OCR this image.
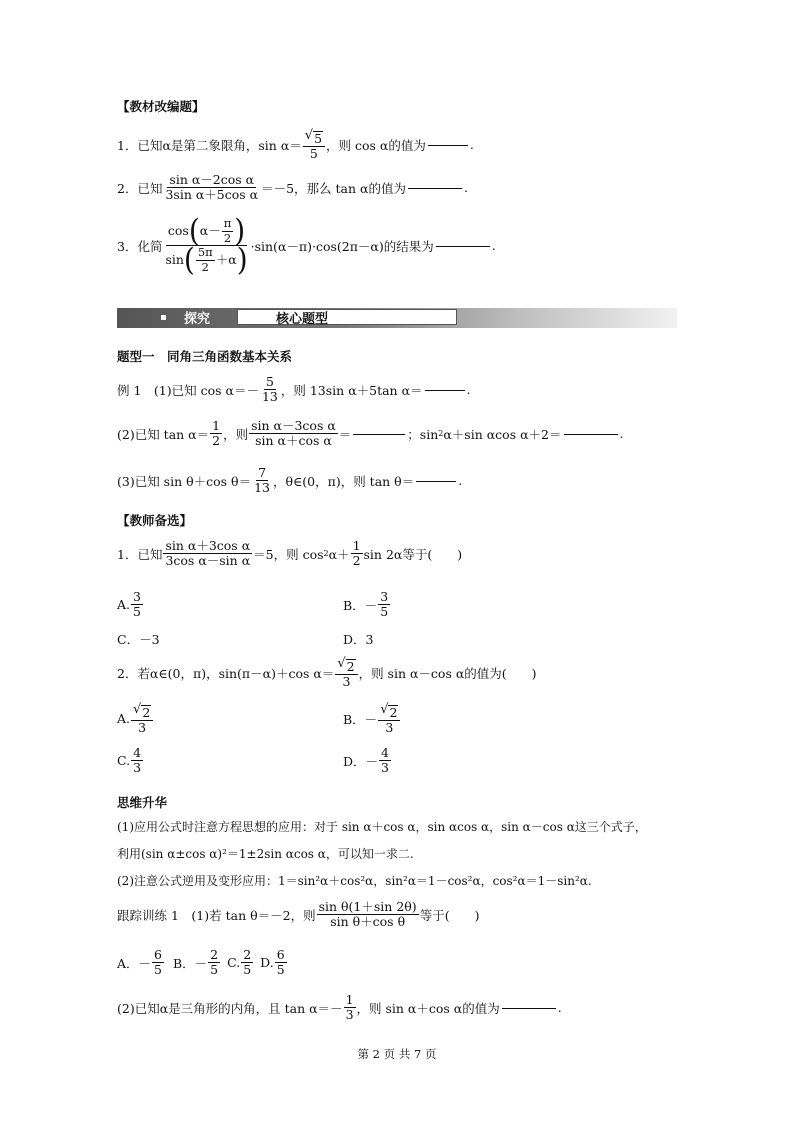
【教材改编题】
1．已知α是第二象限角，$\sin \alpha= \frac{√ 5}{5}$ ，则 cos α的值为	.
2．已知 $\frac{\text{sin α－2cos α}}{\text{3sin α＋5cos α}} =-5$，那么 tan α的值为	.
3．化简 $\frac{\cos ( \alpha- \frac{\pi}{2} )}{\sin ( \frac{5\pi}{2} +\alpha )} \cdot\sin(\alpha-\pi)\cdot\cos(2\pi-\alpha)$的结果为	.
核心题型
探究
题型一　同角三角函数基本关系
例 1　(1)已知 $\cos \alpha=- \frac{5}{13}$ ，则 13sin α＋5tan α＝	.
(2)已知 $\tan \alpha= \frac{1}{2}$ ，则 $\frac{\text{sin α－3cos α}}{\text{sin α＋cos α}}$ ＝	；sin 2 α＋sin αcos α＋2＝	.
(3)已知 sin θ＋cos $\theta= \frac{7}{13}$ ，θ∈(0，π)，则 tan θ＝	.
【教师备选】
1．已知 $\frac{\text{sin α＋3cos α}}{\text{3cos α－sin α}} =5$，则 cos 2 $\alpha+ \frac{1}{2}$ sin 2α等于(　　)
A. $\frac{3}{5}$	B．－ $\frac{3}{5}$
C．－3	D．3
2．若α∈(0，π)，sin(π－α)＋cos $\alpha= \frac{√ 2}{3}$ ，则 sin α－cos α的值为(　　)
A. $\frac{√ 2}{3}$	B．－ $\frac{√ 2}{3}$
C. $\frac{4}{3}$	D．－ $\frac{4}{3}$
思维升华
(1)应用公式时注意方程思想的应用：对于 sin α＋cos α，sin αcos α，sin α－cos α这三个式子，
利用(sin α±cos α)²＝1±2sin αcos α，可以知一求二.
(2)注意公式逆用及变形应用：1＝sin²α＋cos²α，sin²α＝1－cos²α，cos²α＝1－sin²α.
跟踪训练 1　(1)若 tan θ＝－2，则 $\frac{\text{sin θ(1＋sin 2θ)}}{\text{sin θ＋cos θ}}$ 等于(　　)
A．－ $\frac{6}{5}$ B．－ $\frac{2}{5} C$. $\frac{2}{5} D$. $\frac{6}{5}$
(2)已知α是三角形的内角，且 $\tan \alpha=- \frac{1}{3}$ ，则 sin α＋cos α的值为	.
第 2 页 共 7 页
